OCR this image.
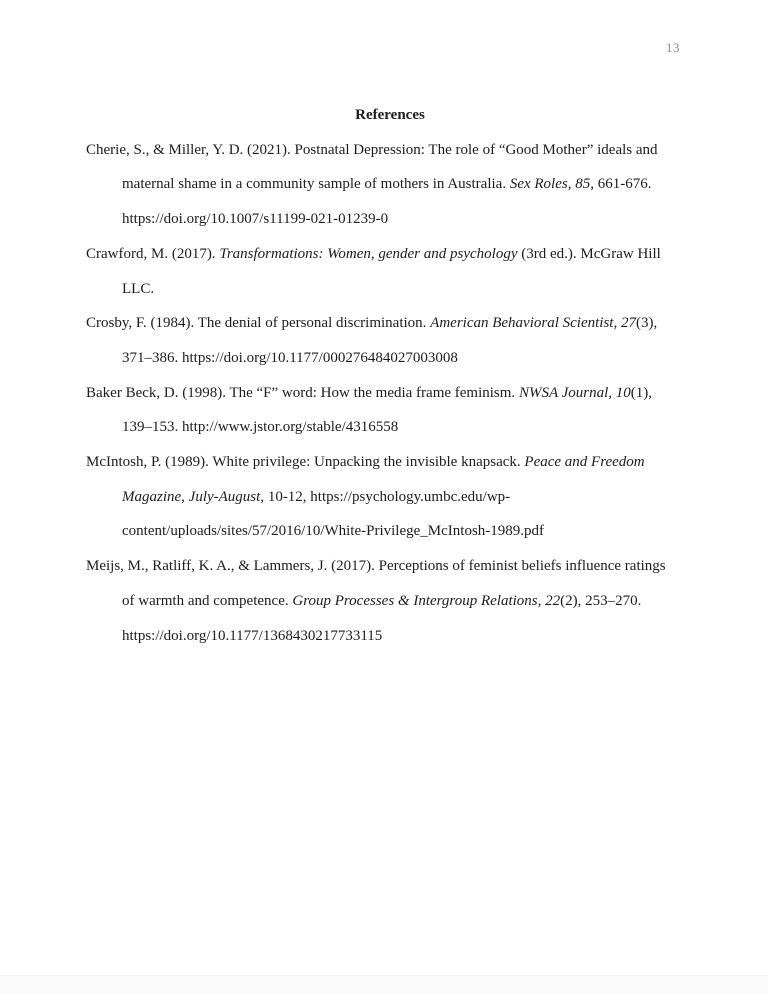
13
References
Cherie, S., & Miller, Y. D. (2021). Postnatal Depression: The role of “Good Mother” ideals and
maternal shame in a community sample of mothers in Australia. Sex Roles, 85, 661-676.
https://doi.org/10.1007/s11199-021-01239-0
Crawford, M. (2017). Transformations: Women, gender and psychology (3rd ed.). McGraw Hill
LLC.
Crosby, F. (1984). The denial of personal discrimination. American Behavioral Scientist, 27(3),
371–386. https://doi.org/10.1177/000276484027003008
Baker Beck, D. (1998). The “F” word: How the media frame feminism. NWSA Journal, 10(1),
139–153. http://www.jstor.org/stable/4316558
McIntosh, P. (1989). White privilege: Unpacking the invisible knapsack. Peace and Freedom
Magazine, July-August, 10-12, https://psychology.umbc.edu/wp-
content/uploads/sites/57/2016/10/White-Privilege_McIntosh-1989.pdf
Meijs, M., Ratliff, K. A., & Lammers, J. (2017). Perceptions of feminist beliefs influence ratings
of warmth and competence. Group Processes & Intergroup Relations, 22(2), 253–270.
https://doi.org/10.1177/1368430217733115
